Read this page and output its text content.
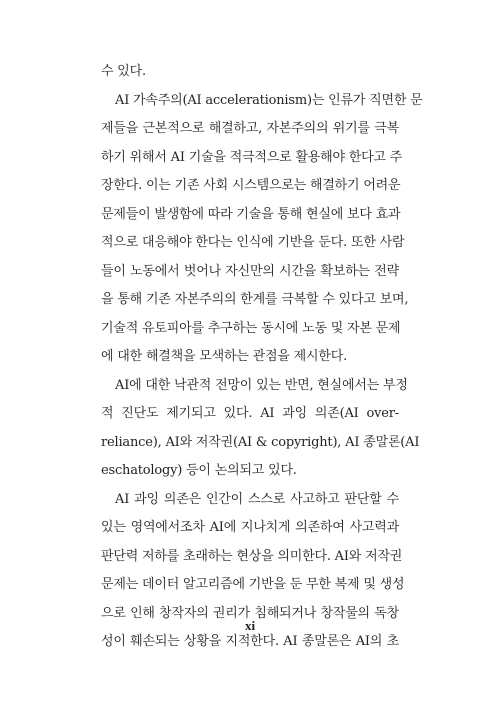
수 있다.
AI 가속주의(AI accelerationism)는 인류가 직면한 문
제들을 근본적으로 해결하고, 자본주의의 위기를 극복
하기 위해서 AI 기술을 적극적으로 활용해야 한다고 주
장한다. 이는 기존 사회 시스템으로는 해결하기 어려운
문제들이 발생함에 따라 기술을 통해 현실에 보다 효과
적으로 대응해야 한다는 인식에 기반을 둔다. 또한 사람
들이 노동에서 벗어나 자신만의 시간을 확보하는 전략
을 통해 기존 자본주의의 한계를 극복할 수 있다고 보며,
기술적 유토피아를 추구하는 동시에 노동 및 자본 문제
에 대한 해결책을 모색하는 관점을 제시한다.
AI에 대한 낙관적 전망이 있는 반면, 현실에서는 부정
적 진단도 제기되고 있다. AI 과잉 의존(AI over-
reliance), AI와 저작권(AI & copyright), AI 종말론(AI
eschatology) 등이 논의되고 있다.
AI 과잉 의존은 인간이 스스로 사고하고 판단할 수
있는 영역에서조차 AI에 지나치게 의존하여 사고력과
판단력 저하를 초래하는 현상을 의미한다. AI와 저작권
문제는 데이터 알고리즘에 기반을 둔 무한 복제 및 생성
으로 인해 창작자의 권리가 침해되거나 창작물의 독창
성이 훼손되는 상황을 지적한다. AI 종말론은 AI의 초
xi
